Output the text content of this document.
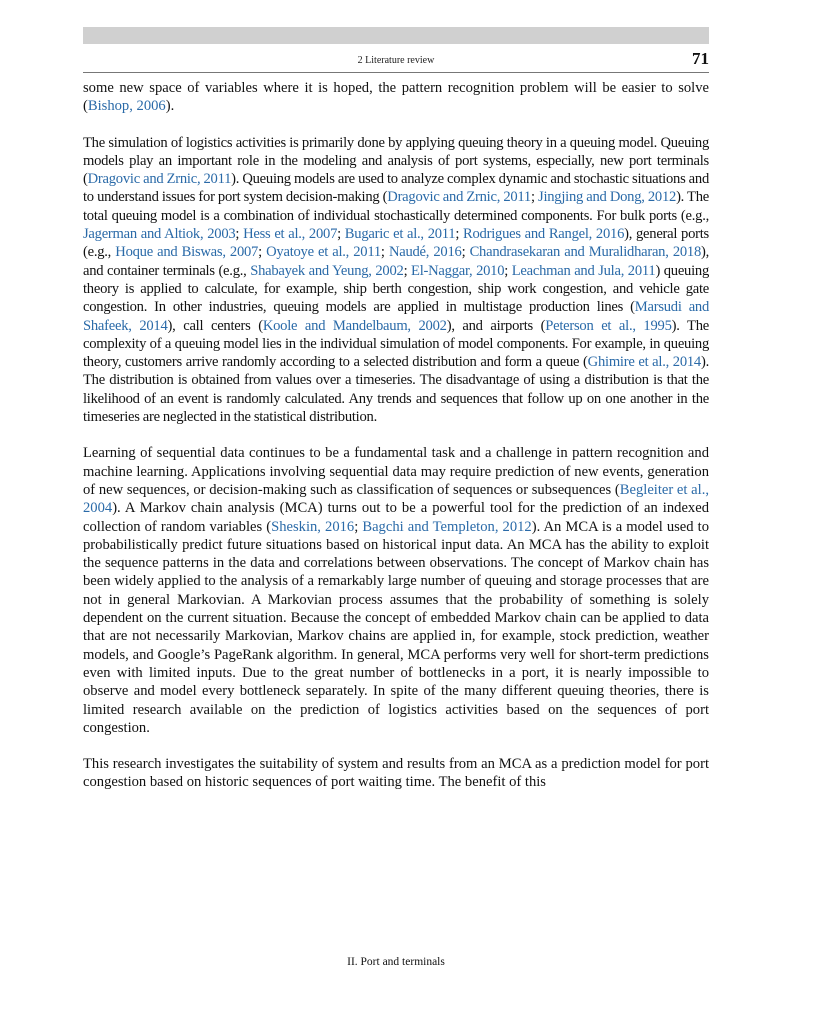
2 Literature review	71

some new space of variables where it is hoped, the pattern recognition problem will be easier to solve (Bishop, 2006).

The simulation of logistics activities is primarily done by applying queuing theory in a queuing model. Queuing models play an important role in the modeling and analysis of port systems, especially, new port terminals (Dragovic and Zrnic, 2011). Queuing models are used to analyze complex dynamic and stochastic situations and to understand issues for port system decision-making (Dragovic and Zrnic, 2011; Jingjing and Dong, 2012). The total queuing model is a combination of individual stochastically determined components. For bulk ports (e.g., Jagerman and Altiok, 2003; Hess et al., 2007; Bugaric et al., 2011; Rodrigues and Rangel, 2016), general ports (e.g., Hoque and Biswas, 2007; Oyatoye et al., 2011; Naudé, 2016; Chandrasekaran and Muralidharan, 2018), and container terminals (e.g., Shabayek and Yeung, 2002; El-Naggar, 2010; Leachman and Jula, 2011) queuing theory is applied to calculate, for example, ship berth congestion, ship work congestion, and vehicle gate congestion. In other industries, queuing models are applied in multistage production lines (Marsudi and Shafeek, 2014), call centers (Koole and Mandelbaum, 2002), and airports (Peterson et al., 1995). The complexity of a queuing model lies in the individual simulation of model components. For example, in queuing theory, customers arrive randomly according to a selected distribution and form a queue (Ghimire et al., 2014). The distribution is obtained from values over a timeseries. The disadvantage of using a distribution is that the likelihood of an event is randomly calculated. Any trends and sequences that follow up on one another in the timeseries are neglected in the statistical distribution.

Learning of sequential data continues to be a fundamental task and a challenge in pattern recognition and machine learning. Applications involving sequential data may require prediction of new events, generation of new sequences, or decision-making such as classification of sequences or subsequences (Begleiter et al., 2004). A Markov chain analysis (MCA) turns out to be a powerful tool for the prediction of an indexed collection of random variables (Sheskin, 2016; Bagchi and Templeton, 2012). An MCA is a model used to probabilistically predict future situations based on historical input data. An MCA has the ability to exploit the sequence patterns in the data and correlations between observations. The concept of Markov chain has been widely applied to the analysis of a remarkably large number of queuing and storage processes that are not in general Markovian. A Markovian process assumes that the probability of something is solely dependent on the current situation. Because the concept of embedded Markov chain can be applied to data that are not necessarily Markovian, Markov chains are applied in, for example, stock prediction, weather models, and Google’s PageRank algorithm. In general, MCA performs very well for short-term predictions even with limited inputs. Due to the great number of bottlenecks in a port, it is nearly impossible to observe and model every bottleneck separately. In spite of the many different queuing theories, there is limited research available on the prediction of logistics activities based on the sequences of port congestion.

This research investigates the suitability of system and results from an MCA as a prediction model for port congestion based on historic sequences of port waiting time. The benefit of this

II. Port and terminals
